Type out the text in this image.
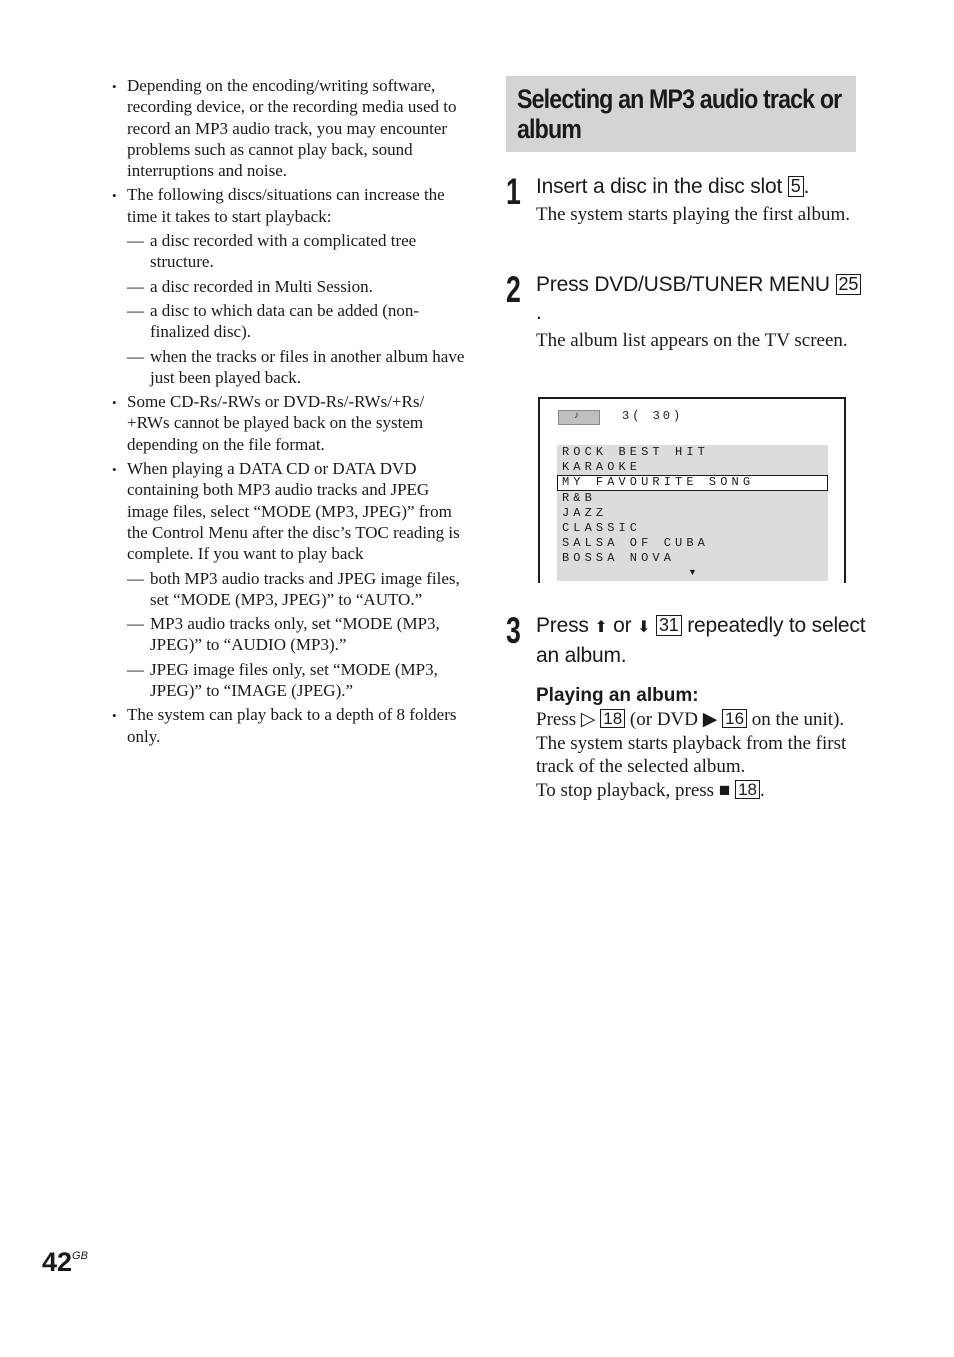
• Depending on the encoding/writing software, recording device, or the recording media used to record an MP3 audio track, you may encounter problems such as cannot play back, sound interruptions and noise.
• The following discs/situations can increase the time it takes to start playback:
— a disc recorded with a complicated tree structure.
— a disc recorded in Multi Session.
— a disc to which data can be added (non-finalized disc).
— when the tracks or files in another album have just been played back.
• Some CD-Rs/-RWs or DVD-Rs/-RWs/+Rs/ +RWs cannot be played back on the system depending on the file format.
• When playing a DATA CD or DATA DVD containing both MP3 audio tracks and JPEG image files, select “MODE (MP3, JPEG)” from the Control Menu after the disc’s TOC reading is complete. If you want to play back
— both MP3 audio tracks and JPEG image files, set “MODE (MP3, JPEG)” to “AUTO.”
— MP3 audio tracks only, set “MODE (MP3, JPEG)” to “AUDIO (MP3).”
— JPEG image files only, set “MODE (MP3, JPEG)” to “IMAGE (JPEG).”
• The system can play back to a depth of 8 folders only.
Selecting an MP3 audio track or album
1 Insert a disc in the disc slot 5 .
The system starts playing the first album.
2 Press DVD/USB/TUNER MENU 25.
The album list appears on the TV screen.
♪	3( 30)
ROCK BEST HIT
KARAOKE
MY FAVOURITE SONG
R&B
JAZZ
CLASSIC
SALSA OF CUBA
BOSSA NOVA
▼
3 Press ⬆ or ⬇ 31 repeatedly to select an album.
Playing an album:
Press ▷ 18 (or DVD ▶ 16 on the unit).
The system starts playback from the first track of the selected album.
To stop playback, press ■ 18 .
$42^{GB}$
